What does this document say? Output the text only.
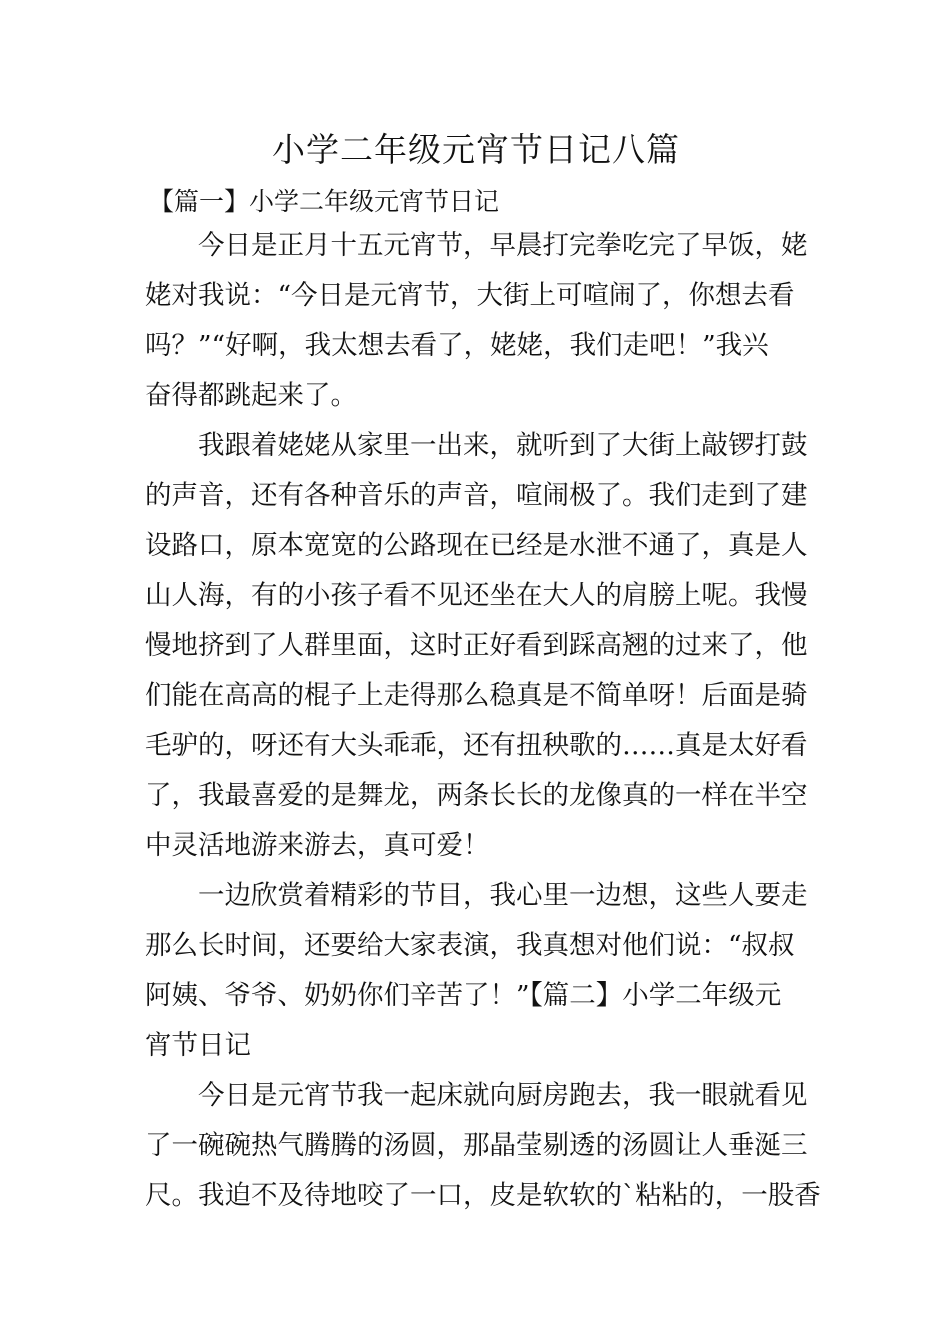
小学二年级元宵节日记八篇
【篇一】小学二年级元宵节日记

今日是正月十五元宵节，早晨打完拳吃完了早饭，姥
姥对我说：“今日是元宵节，大街上可喧闹了，你想去看
吗？”“好啊，我太想去看了，姥姥，我们走吧！”我兴
奋得都跳起来了。

我跟着姥姥从家里一出来，就听到了大街上敲锣打鼓
的声音，还有各种音乐的声音，喧闹极了。我们走到了建
设路口，原本宽宽的公路现在已经是水泄不通了，真是人
山人海，有的小孩子看不见还坐在大人的肩膀上呢。我慢
慢地挤到了人群里面，这时正好看到踩高翘的过来了，他
们能在高高的棍子上走得那么稳真是不简单呀！后面是骑
毛驴的，呀还有大头乖乖，还有扭秧歌的……真是太好看
了，我最喜爱的是舞龙，两条长长的龙像真的一样在半空
中灵活地游来游去，真可爱！

一边欣赏着精彩的节目，我心里一边想，这些人要走
那么长时间，还要给大家表演，我真想对他们说：“叔叔
阿姨、爷爷、奶奶你们辛苦了！”【篇二】小学二年级元
宵节日记

今日是元宵节我一起床就向厨房跑去，我一眼就看见
了一碗碗热气腾腾的汤圆，那晶莹剔透的汤圆让人垂涎三
尺。我迫不及待地咬了一口，皮是软软的`粘粘的，一股香
